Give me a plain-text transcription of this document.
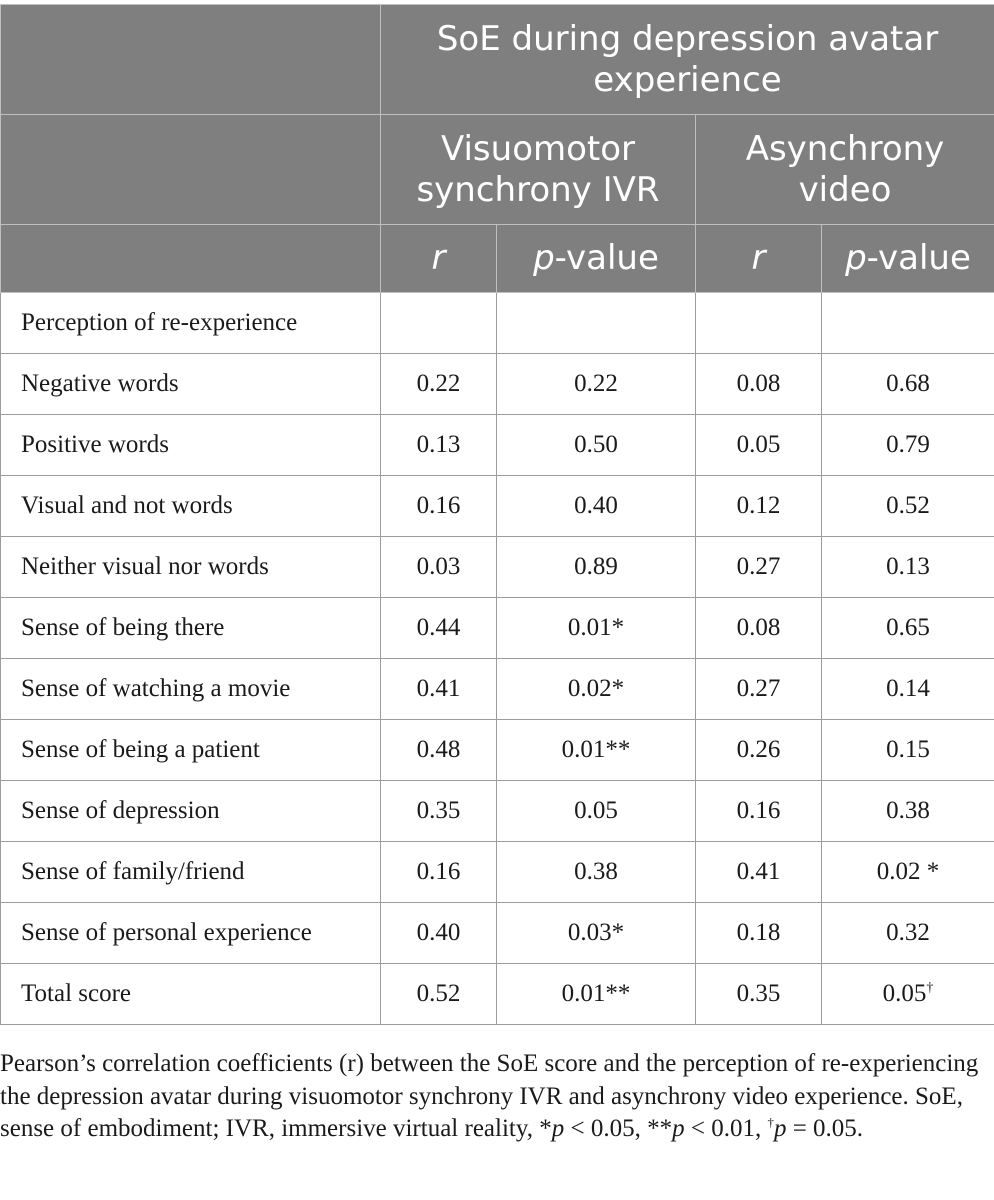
	SoE during depression avatar experience			
	Visuomotor synchrony IVR		Asynchrony video	
	r	p-value	r	p-value
Perception of re-experience				
Negative words	0.22	0.22	0.08	0.68
Positive words	0.13	0.50	0.05	0.79
Visual and not words	0.16	0.40	0.12	0.52
Neither visual nor words	0.03	0.89	0.27	0.13
Sense of being there	0.44	0.01*	0.08	0.65
Sense of watching a movie	0.41	0.02*	0.27	0.14
Sense of being a patient	0.48	0.01**	0.26	0.15
Sense of depression	0.35	0.05	0.16	0.38
Sense of family/friend	0.16	0.38	0.41	0.02 *
Sense of personal experience	0.40	0.03*	0.18	0.32
Total score	0.52	0.01**	0.35	0.05†
Pearson’s correlation coefficients (r) between the SoE score and the perception of re-experiencing the depression avatar during visuomotor synchrony IVR and asynchrony video experience. SoE, sense of embodiment; IVR, immersive virtual reality, *p < 0.05, **p < 0.01, †p = 0.05.
